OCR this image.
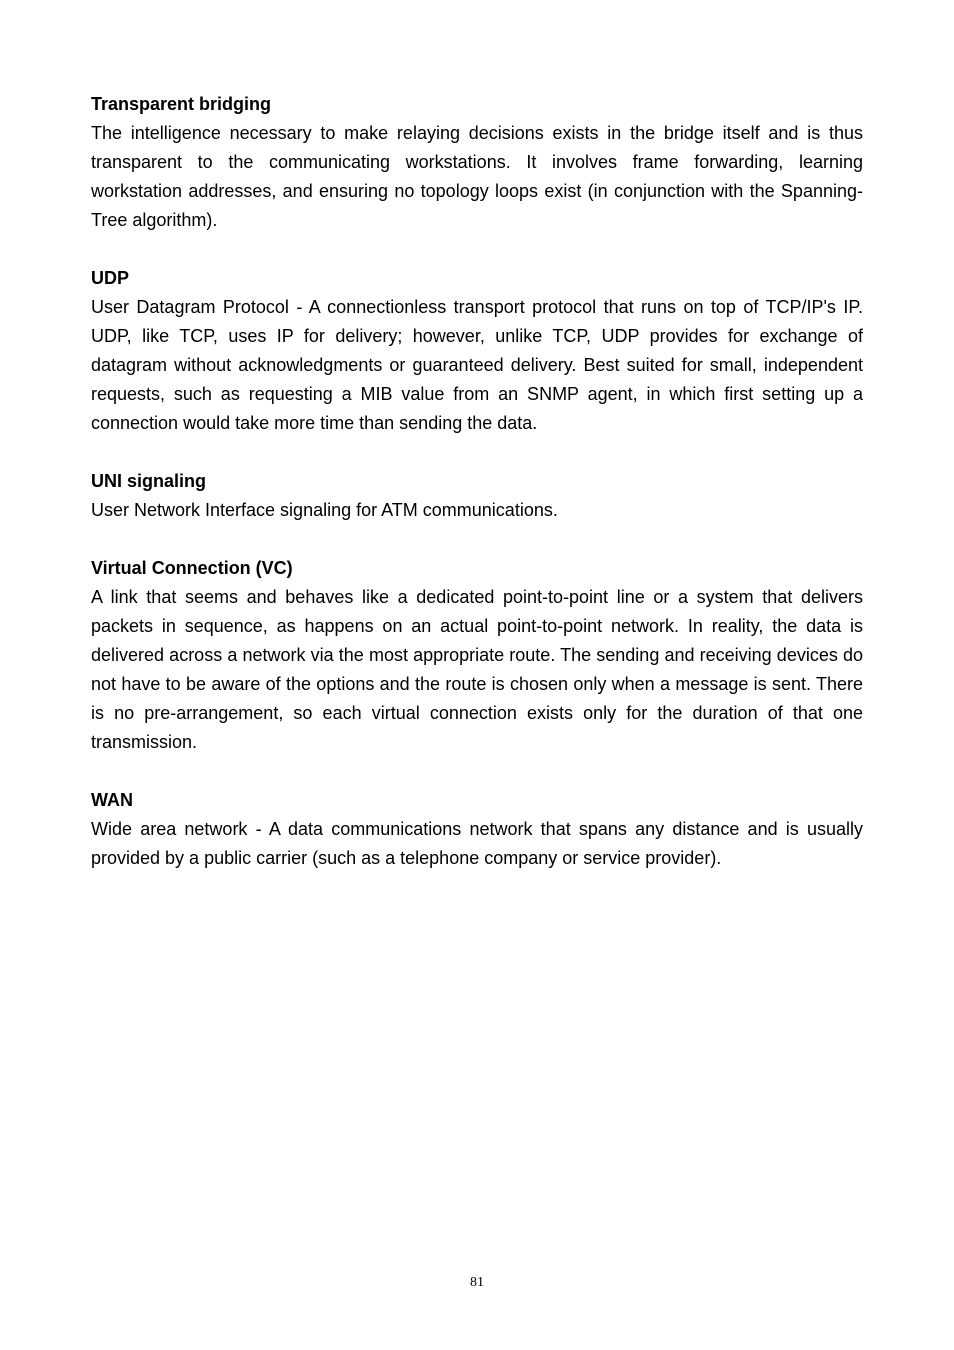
Transparent bridging

The intelligence necessary to make relaying decisions exists in the bridge itself and is thus transparent to the communicating workstations. It involves frame forwarding, learning workstation addresses, and ensuring no topology loops exist (in conjunction with the Spanning-Tree algorithm).

UDP

User Datagram Protocol - A connectionless transport protocol that runs on top of TCP/IP's IP. UDP, like TCP, uses IP for delivery; however, unlike TCP, UDP provides for exchange of datagram without acknowledgments or guaranteed delivery. Best suited for small, independent requests, such as requesting a MIB value from an SNMP agent, in which first setting up a connection would take more time than sending the data.

UNI signaling

User Network Interface signaling for ATM communications.

Virtual Connection (VC)

A link that seems and behaves like a dedicated point-to-point line or a system that delivers packets in sequence, as happens on an actual point-to-point network. In reality, the data is delivered across a network via the most appropriate route. The sending and receiving devices do not have to be aware of the options and the route is chosen only when a message is sent. There is no pre-arrangement, so each virtual connection exists only for the duration of that one transmission.

WAN

Wide area network - A data communications network that spans any distance and is usually provided by a public carrier (such as a telephone company or service provider).

81
